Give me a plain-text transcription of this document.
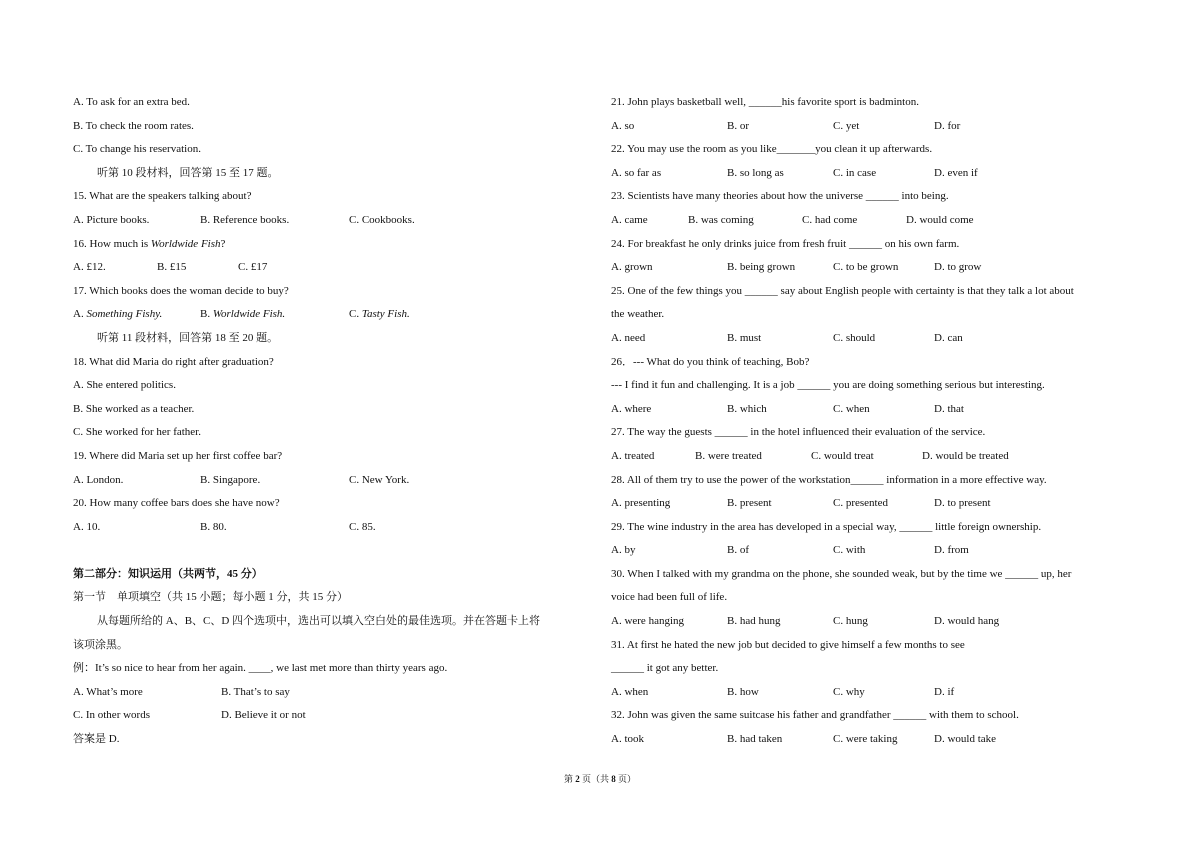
A. To ask for an extra bed.
B. To check the room rates.
C. To change his reservation.
听第 10 段材料，回答第 15 至 17 题。
15. What are the speakers talking about?
A. Picture books.	B. Reference books.	C. Cookbooks.
16. How much is Worldwide Fish?
A. £12.	B. £15	C. £17
17. Which books does the woman decide to buy?
A. Something Fishy.	B. Worldwide Fish.	C. Tasty Fish.
听第 11 段材料，回答第 18 至 20 题。
18. What did Maria do right after graduation?
A. She entered politics.
B. She worked as a teacher.
C. She worked for her father.
19. Where did Maria set up her first coffee bar?
A. London.	B. Singapore.	C. New York.
20. How many coffee bars does she have now?
A. 10.	B. 80.	C. 85.
第二部分：知识运用（共两节，45 分）
第一节　单项填空（共 15 小题；每小题 1 分，共 15 分）
从每题所给的 A、B、C、D 四个选项中，选出可以填入空白处的最佳选项。并在答题卡上将
该项涂黑。
例：It’s so nice to hear from her again. ____, we last met more than thirty years ago.
A. What’s more	B. That’s to say
C. In other words	D. Believe it or not
答案是 D.
21. John plays basketball well, ______his favorite sport is badminton.
A. so	B. or	C. yet	D. for
22. You may use the room as you like_______you clean it up afterwards.
A. so far as	B. so long as	C. in case	D. even if
23. Scientists have many theories about how the universe ______ into being.
A. came	B. was coming	C. had come	D. would come
24. For breakfast he only drinks juice from fresh fruit ______ on his own farm.
A. grown	B. being grown	C. to be grown	D. to grow
25. One of the few things you ______ say about English people with certainty is that they talk a lot about
the weather.
A. need	B. must	C. should	D. can
26．--- What do you think of teaching, Bob?
--- I find it fun and challenging. It is a job ______ you are doing something serious but interesting.
A. where	B. which	C. when	D. that
27. The way the guests ______ in the hotel influenced their evaluation of the service.
A. treated	B. were treated	C. would treat	D. would be treated
28. All of them try to use the power of the workstation______ information in a more effective way.
A. presenting	B. present	C. presented	D. to present
29. The wine industry in the area has developed in a special way, ______ little foreign ownership.
A. by	B. of	C. with	D. from
30. When I talked with my grandma on the phone, she sounded weak, but by the time we ______ up, her
voice had been full of life.
A. were hanging	B. had hung	C. hung	D. would hang
31. At first he hated the new job but decided to give himself a few months to see
______ it got any better.
A. when	B. how	C. why	D. if
32. John was given the same suitcase his father and grandfather ______ with them to school.
A. took	B. had taken	C. were taking	D. would take
第 2 页（共 8 页）
